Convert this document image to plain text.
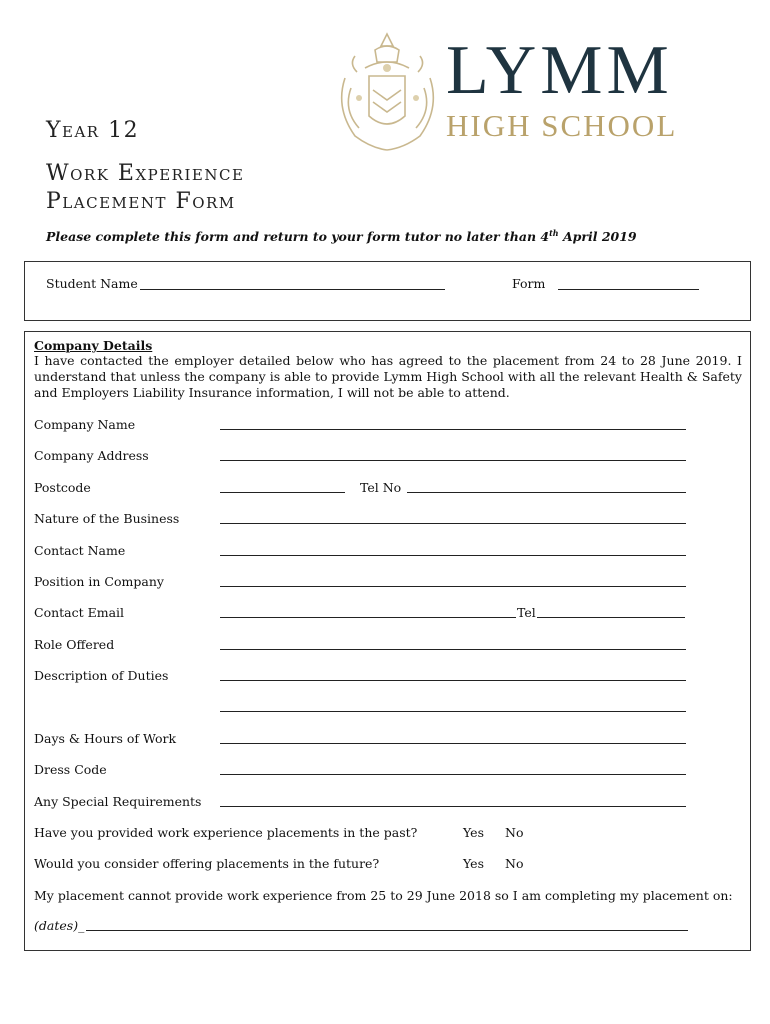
LYMM
HIGH SCHOOL
Year 12
Work Experience
Placement Form
Please complete this form and return to your form tutor no later than 4th April 2019
Student Name	Form
Company Details
I have contacted the employer detailed below who has agreed to the placement from 24 to 28 June 2019. I understand that unless the company is able to provide Lymm High School with all the relevant Health & Safety and Employers Liability Insurance information, I will not be able to attend.
Company Name
Company Address
Postcode	Tel No
Nature of the Business
Contact Name
Position in Company
Contact Email	Tel
Role Offered
Description of Duties
Days & Hours of Work
Dress Code
Any Special Requirements
Have you provided work experience placements in the past?	Yes No
Would you consider offering placements in the future?	Yes No
My placement cannot provide work experience from 25 to 29 June 2018 so I am completing my placement on:
(dates)_
